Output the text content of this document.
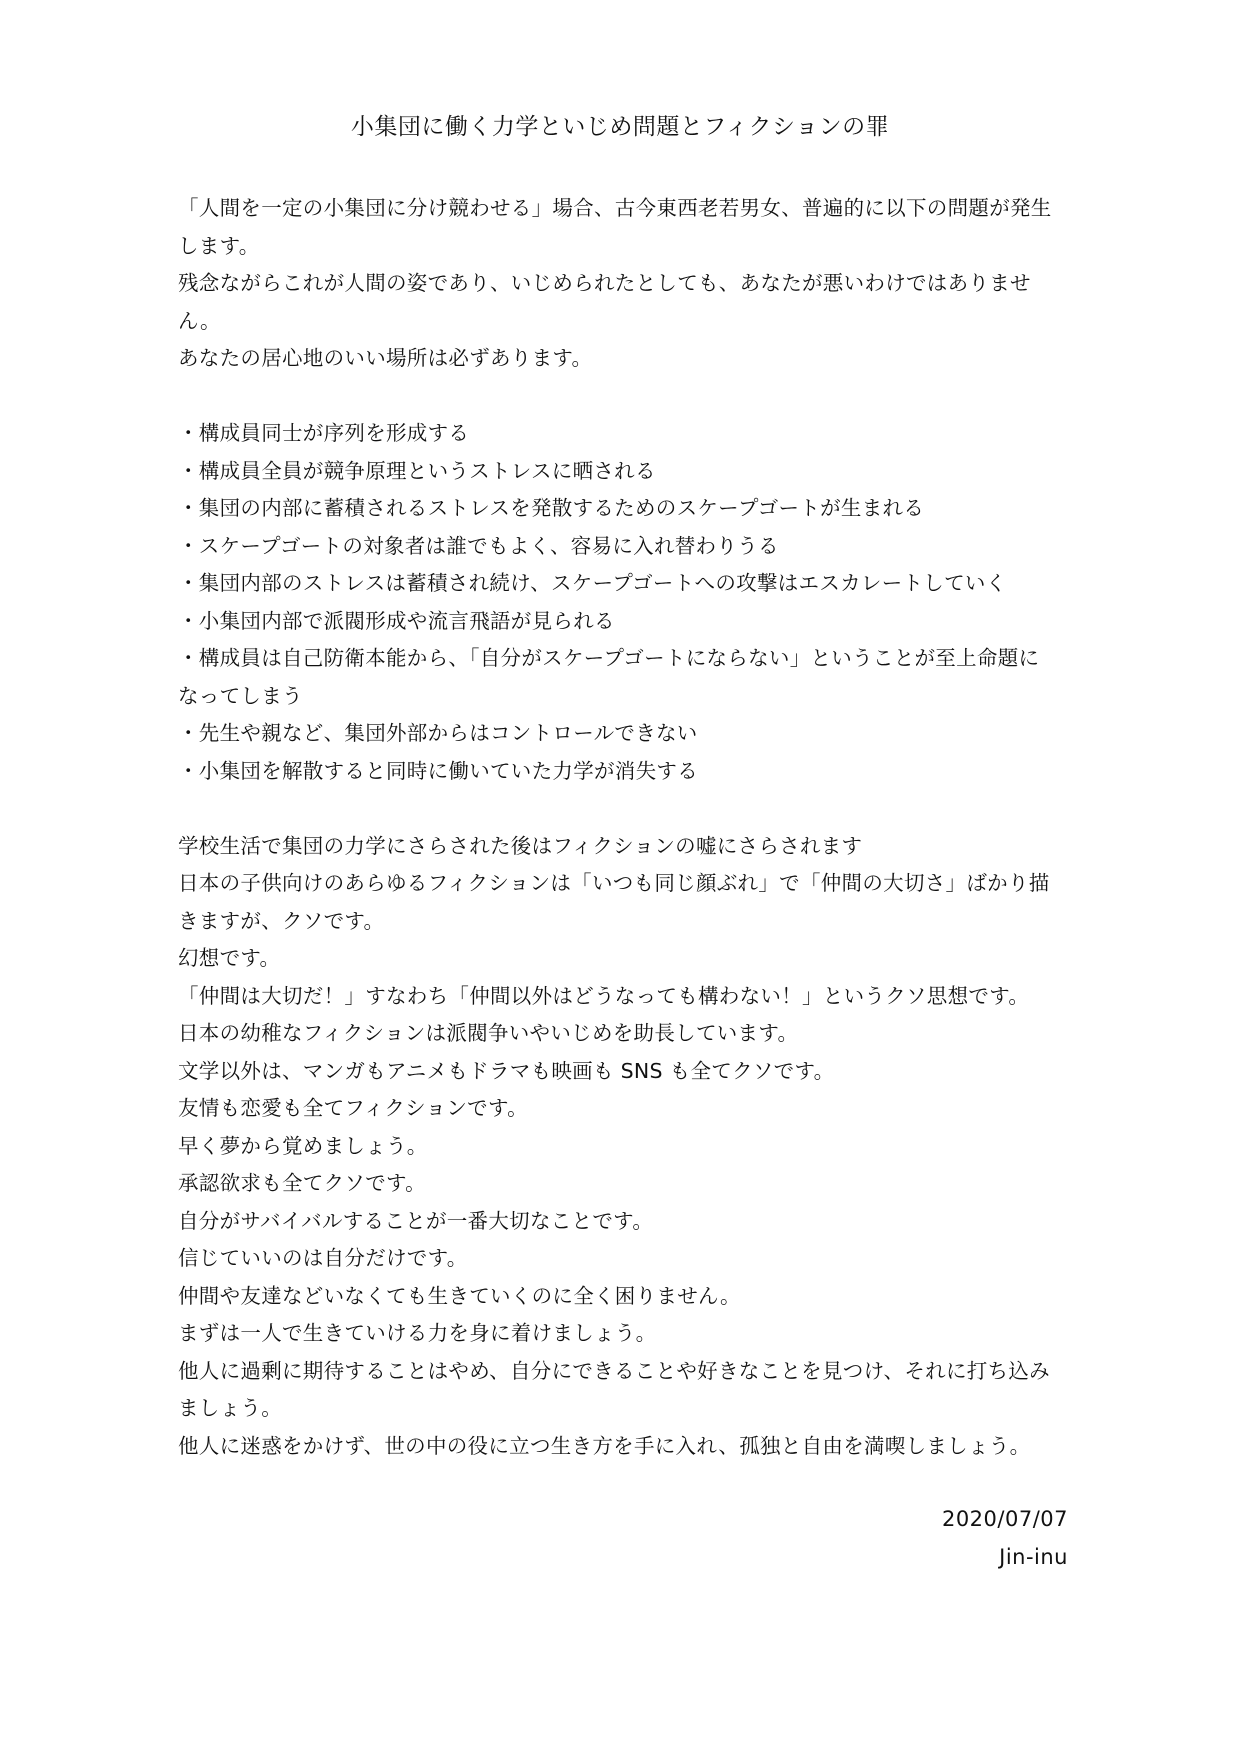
小集団に働く力学といじめ問題とフィクションの罪
「人間を一定の小集団に分け競わせる」場合、古今東西老若男女、普遍的に以下の問題が発生
します。
残念ながらこれが人間の姿であり、いじめられたとしても、あなたが悪いわけではありませ
ん。
あなたの居心地のいい場所は必ずあります。
・構成員同士が序列を形成する
・構成員全員が競争原理というストレスに晒される
・集団の内部に蓄積されるストレスを発散するためのスケープゴートが生まれる
・スケープゴートの対象者は誰でもよく、容易に入れ替わりうる
・集団内部のストレスは蓄積され続け、スケープゴートへの攻撃はエスカレートしていく
・小集団内部で派閥形成や流言飛語が見られる
・構成員は自己防衛本能から、「自分がスケープゴートにならない」ということが至上命題に
なってしまう
・先生や親など、集団外部からはコントロールできない
・小集団を解散すると同時に働いていた力学が消失する
学校生活で集団の力学にさらされた後はフィクションの嘘にさらされます
日本の子供向けのあらゆるフィクションは「いつも同じ顔ぶれ」で「仲間の大切さ」ばかり描
きますが、クソです。
幻想です。
「仲間は大切だ！」すなわち「仲間以外はどうなっても構わない！」というクソ思想です。
日本の幼稚なフィクションは派閥争いやいじめを助長しています。
文学以外は、マンガもアニメもドラマも映画も SNS も全てクソです。
友情も恋愛も全てフィクションです。
早く夢から覚めましょう。
承認欲求も全てクソです。
自分がサバイバルすることが一番大切なことです。
信じていいのは自分だけです。
仲間や友達などいなくても生きていくのに全く困りません。
まずは一人で生きていける力を身に着けましょう。
他人に過剰に期待することはやめ、自分にできることや好きなことを見つけ、それに打ち込み
ましょう。
他人に迷惑をかけず、世の中の役に立つ生き方を手に入れ、孤独と自由を満喫しましょう。
2020/07/07
Jin-inu
